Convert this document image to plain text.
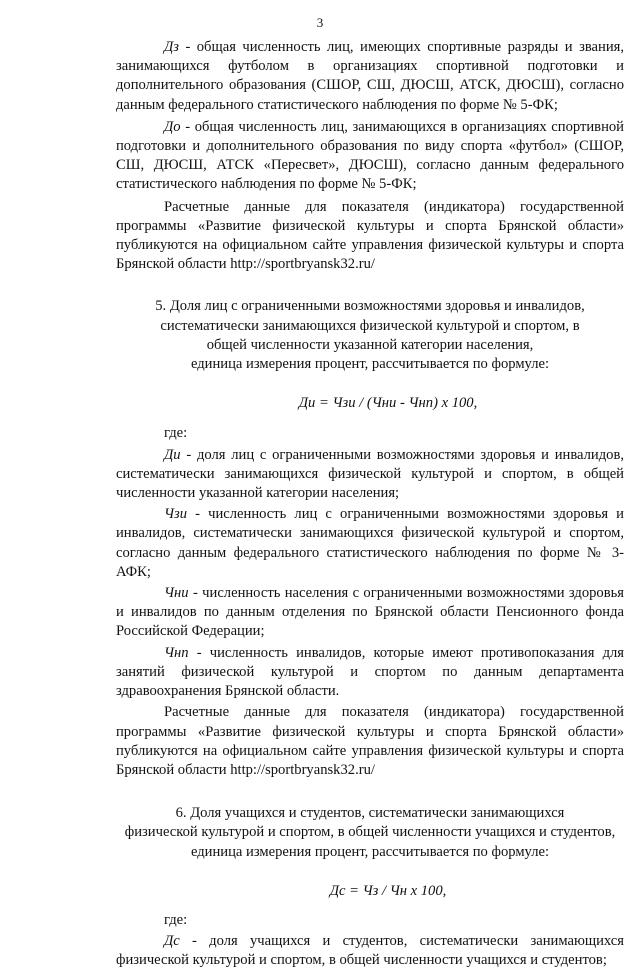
3

Дз - общая численность лиц, имеющих спортивные разряды и звания, занимающихся футболом в организациях спортивной подготовки и дополнительного образования (СШОР, СШ, ДЮСШ, АТСК, ДЮСШ), согласно данным федерального статистического наблюдения по форме № 5-ФК;

До - общая численность лиц, занимающихся в организациях спортивной подготовки и дополнительного образования по виду спорта «футбол» (СШОР, СШ, ДЮСШ, АТСК «Пересвет», ДЮСШ), согласно данным федерального статистического наблюдения по форме № 5-ФК;

Расчетные данные для показателя (индикатора) государственной программы «Развитие физической культуры и спорта Брянской области» публикуются на официальном сайте управления физической культуры и спорта Брянской области http://sportbryansk32.ru/

5. Доля лиц с ограниченными возможностями здоровья и инвалидов,

систематически занимающихся физической культурой и спортом, в

общей численности указанной категории населения,

единица измерения процент, рассчитывается по формуле:

Ди = Чзи / (Чни - Чнп) х 100,

где:

Ди - доля лиц с ограниченными возможностями здоровья и инвалидов, систематически занимающихся физической культурой и спортом, в общей численности указанной категории населения;

Чзи - численность лиц с ограниченными возможностями здоровья и инвалидов, систематически занимающихся физической культурой и спортом, согласно данным федерального статистического наблюдения по форме № 3-АФК;

Чни - численность населения с ограниченными возможностями здоровья и инвалидов по данным отделения по Брянской области Пенсионного фонда Российской Федерации;

Чнп - численность инвалидов, которые имеют противопоказания для занятий физической культурой и спортом по данным департамента здравоохранения Брянской области.

Расчетные данные для показателя (индикатора) государственной программы «Развитие физической культуры и спорта Брянской области» публикуются на официальном сайте управления физической культуры и спорта Брянской области http://sportbryansk32.ru/

6. Доля учащихся и студентов, систематически занимающихся

физической культурой и спортом, в общей численности учащихся и студентов,

единица измерения процент, рассчитывается по формуле:

Дс = Чз / Чн х 100,

где:

Дс - доля учащихся и студентов, систематически занимающихся физической культурой и спортом, в общей численности учащихся и студентов;
